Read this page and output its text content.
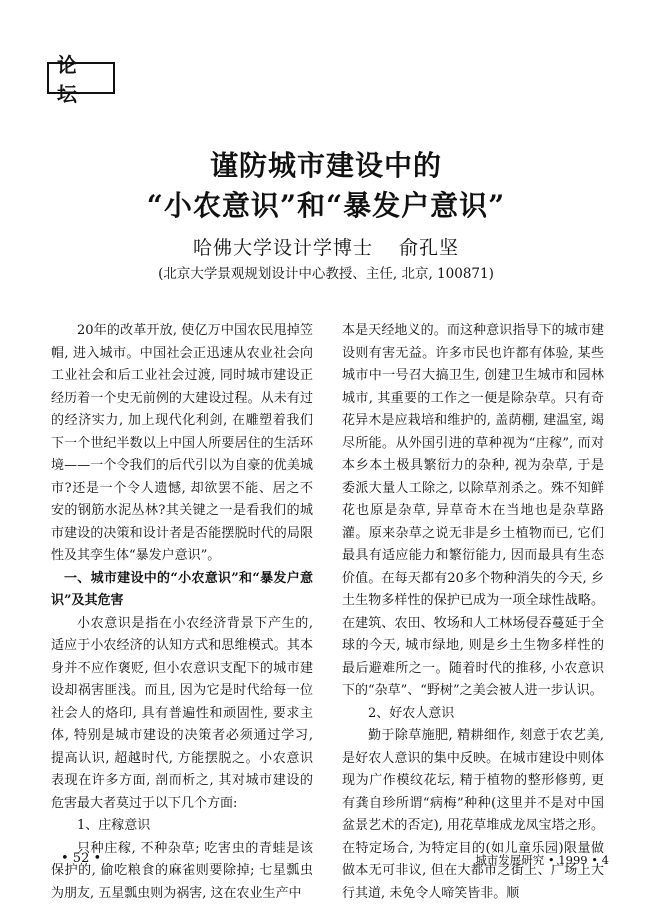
论 坛
谨防城市建设中的
“小农意识”和“暴发户意识”
哈佛大学设计学博士 俞孔坚
(北京大学景观规划设计中心教授、主任, 北京, 100871)

20年的改革开放, 使亿万中国农民甩掉笠帽, 进入城市。中国社会正迅速从农业社会向工业社会和后工业社会过渡, 同时城市建设正经历着一个史无前例的大建设过程。从未有过的经济实力, 加上现代化利剑, 在雕塑着我们下一个世纪半数以上中国人所要居住的生活环境——一个令我们的后代引以为自豪的优美城市?还是一个令人遗憾, 却欲罢不能、居之不安的钢筋水泥丛林?其关键之一是看我们的城市建设的决策和设计者是否能摆脱时代的局限性及其孪生体“暴发户意识”。

一、城市建设中的“小农意识”和“暴发户意识”及其危害

小农意识是指在小农经济背景下产生的, 适应于小农经济的认知方式和思维模式。其本身并不应作褒贬, 但小农意识支配下的城市建设却祸害匪浅。而且, 因为它是时代给每一位社会人的烙印, 具有普遍性和顽固性, 要求主体, 特别是城市建设的决策者必须通过学习, 提高认识, 超越时代, 方能摆脱之。小农意识表现在许多方面, 剖而析之, 其对城市建设的危害最大者莫过于以下几个方面:

1、庄稼意识

只种庄稼, 不种杂草; 吃害虫的青蛙是该保护的, 偷吃粮食的麻雀则要除掉; 七星瓢虫为朋友, 五星瓢虫则为祸害, 这在农业生产中

本是天经地义的。而这种意识指导下的城市建设则有害无益。许多市民也许都有体验, 某些城市中一号召大搞卫生, 创建卫生城市和园林城市, 其重要的工作之一便是除杂草。只有奇花异木是应栽培和维护的, 盖荫棚, 建温室, 竭尽所能。从外国引进的草种视为“庄稼”, 而对本乡本土极具繁衍力的杂种, 视为杂草, 于是委派大量人工除之, 以除草剂杀之。殊不知鲜花也原是杂草, 异草奇木在当地也是杂草路灌。原来杂草之说无非是乡土植物而已, 它们最具有适应能力和繁衍能力, 因而最具有生态价值。在每天都有20多个物种消失的今天, 乡土生物多样性的保护已成为一项全球性战略。在建筑、农田、牧场和人工林场侵吞蔓延于全球的今天, 城市绿地, 则是乡土生物多样性的最后避难所之一。随着时代的推移, 小农意识下的“杂草”、“野树”之美会被人进一步认识。

2、好农人意识

勤于除草施肥, 精耕细作, 刻意于农艺美, 是好农人意识的集中反映。在城市建设中则体现为广作模纹花坛, 精于植物的整形修剪, 更有龚自珍所谓“病梅”种种(这里并不是对中国盆景艺术的否定), 用花草堆成龙凤宝塔之形。在特定场合, 为特定目的(如儿童乐园)限量做做本无可非议, 但在大都市之街上、广场上大行其道, 未免令人啼笑皆非。顺

• 52 •	城市发展研究 • 1999 • 4
